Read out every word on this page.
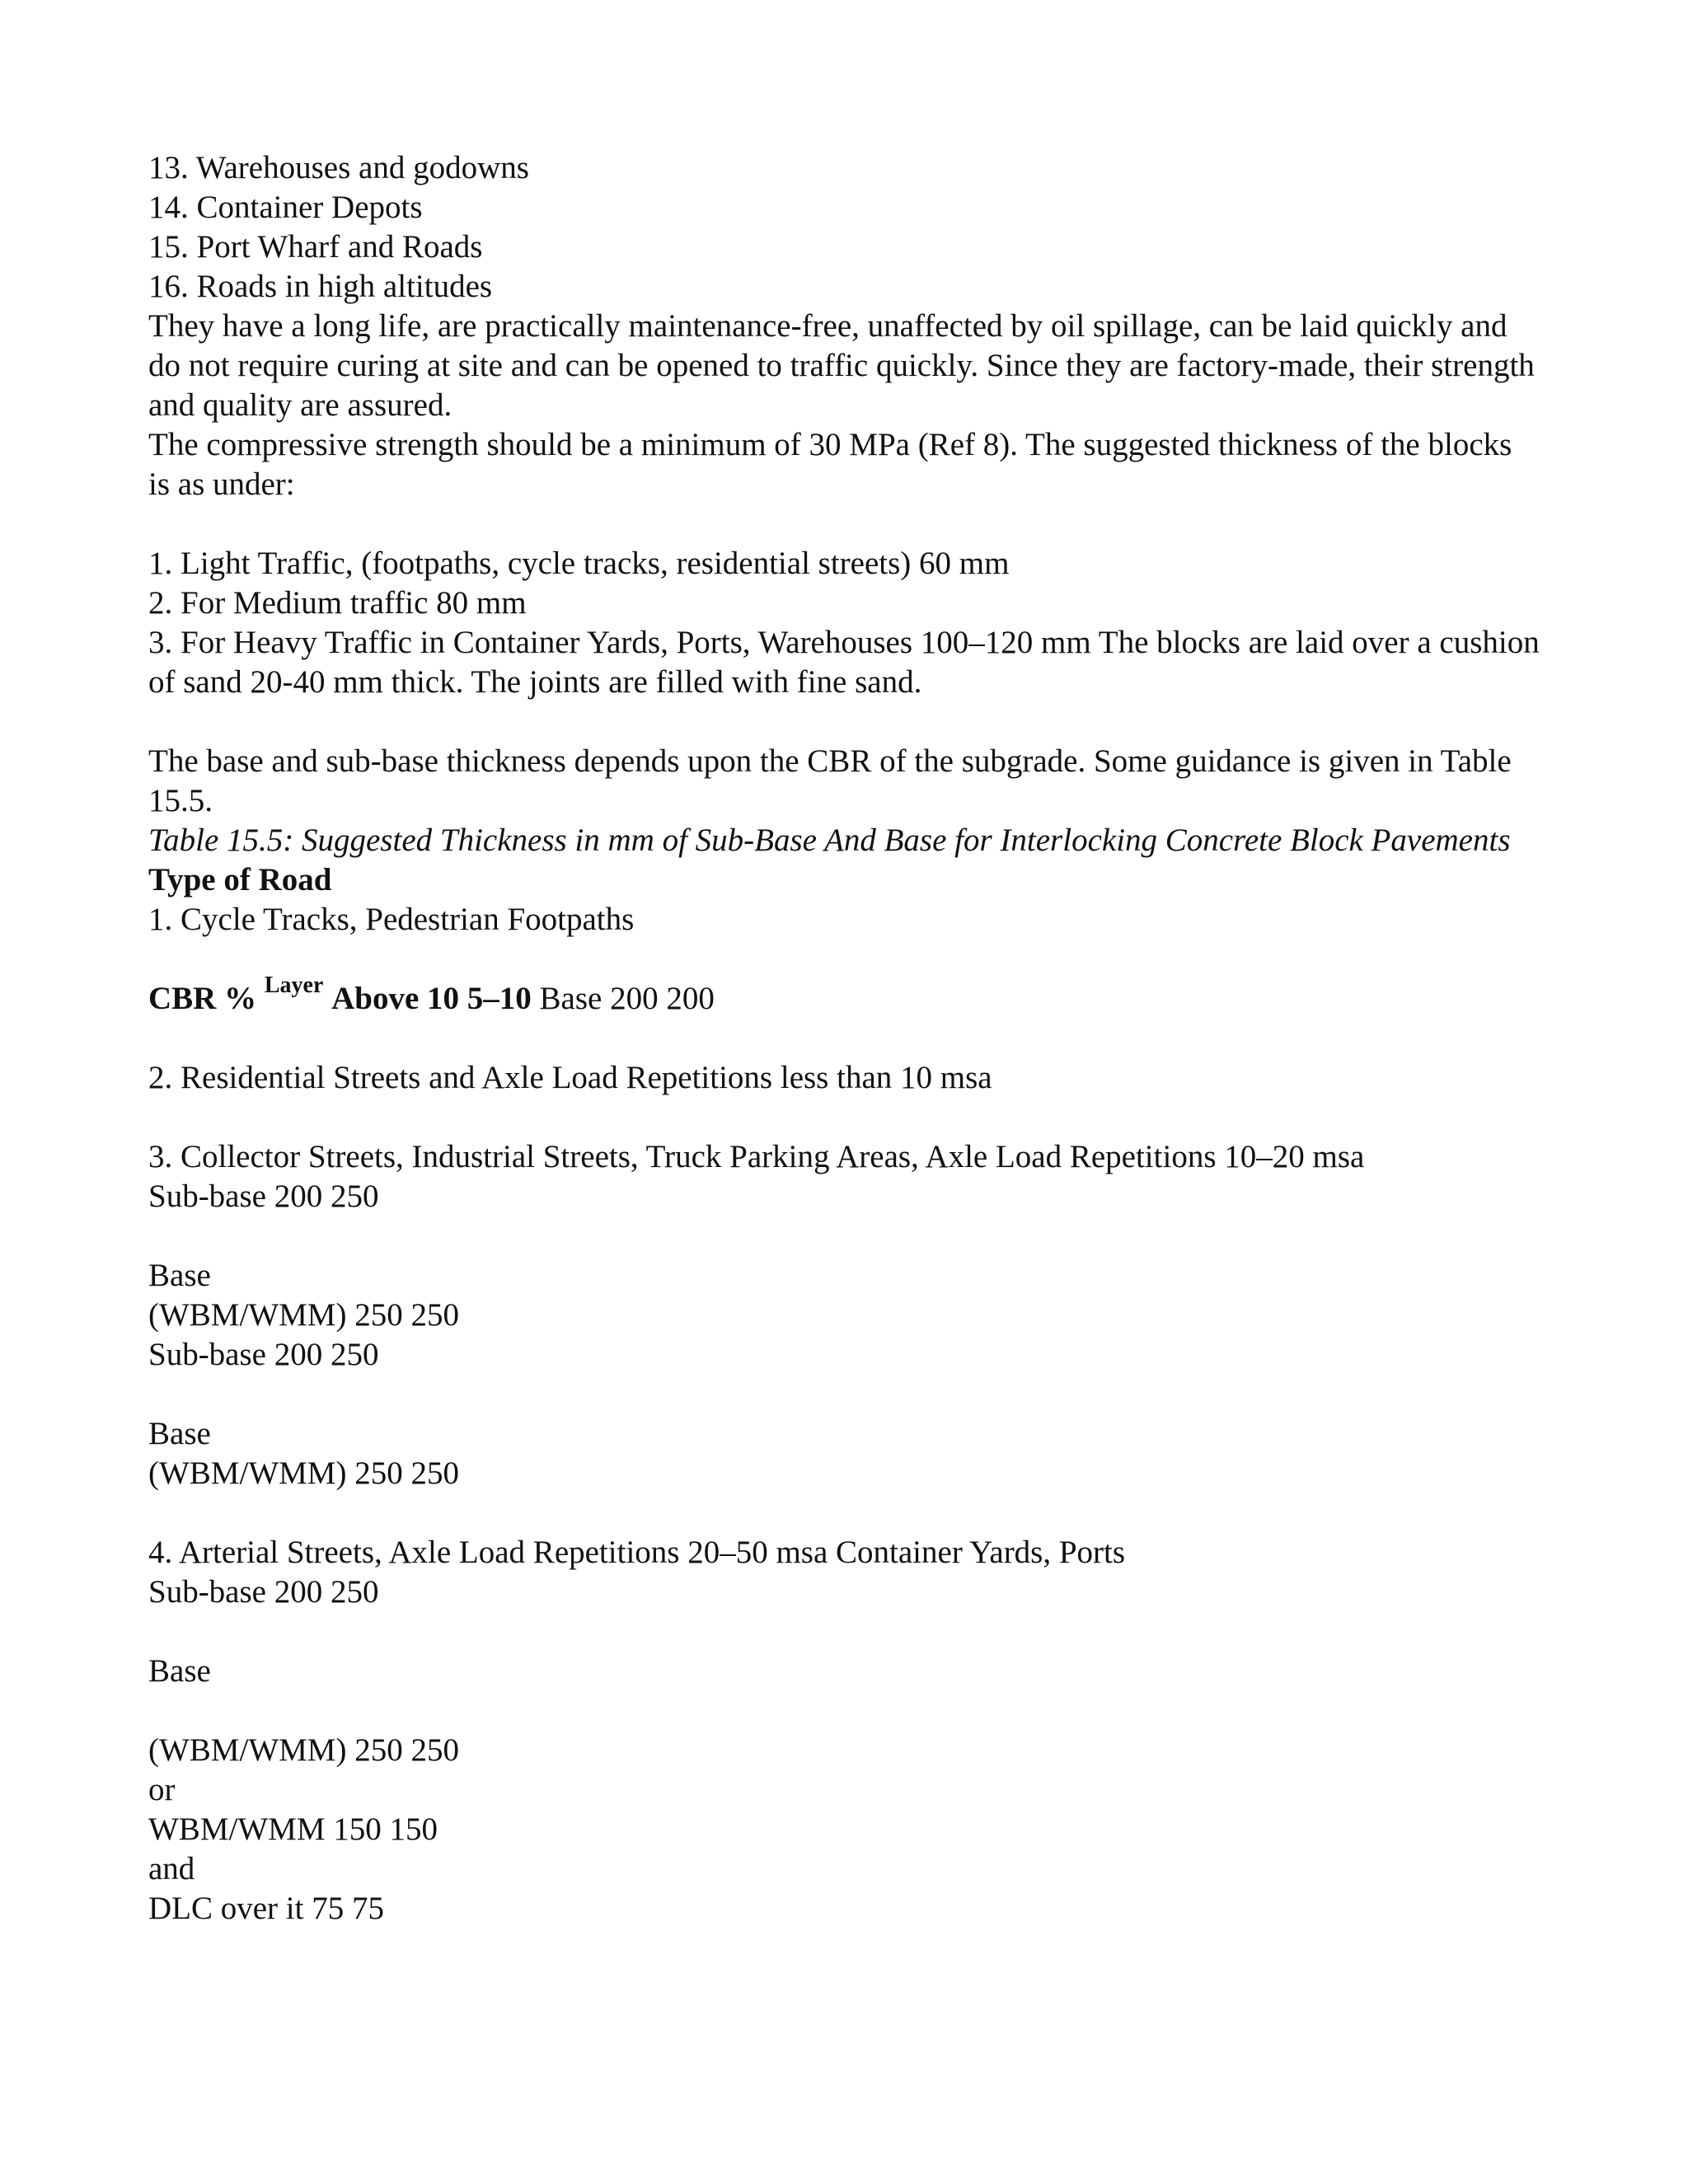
13. Warehouses and godowns
14. Container Depots
15. Port Wharf and Roads
16. Roads in high altitudes
They have a long life, are practically maintenance-free, unaffected by oil spillage, can be laid quickly and do not require curing at site and can be opened to traffic quickly. Since they are factory-made, their strength and quality are assured.
The compressive strength should be a minimum of 30 MPa (Ref 8). The suggested thickness of the blocks is as under:
1. Light Traffic, (footpaths, cycle tracks, residential streets) 60 mm
2. For Medium traffic 80 mm
3. For Heavy Traffic in Container Yards, Ports, Warehouses 100–120 mm The blocks are laid over a cushion of sand 20-40 mm thick. The joints are filled with fine sand.
The base and sub-base thickness depends upon the CBR of the subgrade. Some guidance is given in Table 15.5.
Table 15.5: Suggested Thickness in mm of Sub-Base And Base for Interlocking Concrete Block Pavements
Type of Road
1. Cycle Tracks, Pedestrian Footpaths
CBR % $^{Layer}$ Above 10 5–10 Base 200 200
2. Residential Streets and Axle Load Repetitions less than 10 msa
3. Collector Streets, Industrial Streets, Truck Parking Areas, Axle Load Repetitions 10–20 msa
Sub-base 200 250
Base
(WBM/WMM) 250 250
Sub-base 200 250
Base
(WBM/WMM) 250 250
4. Arterial Streets, Axle Load Repetitions 20–50 msa Container Yards, Ports
Sub-base 200 250
Base
(WBM/WMM) 250 250
or
WBM/WMM 150 150
and
DLC over it 75 75
